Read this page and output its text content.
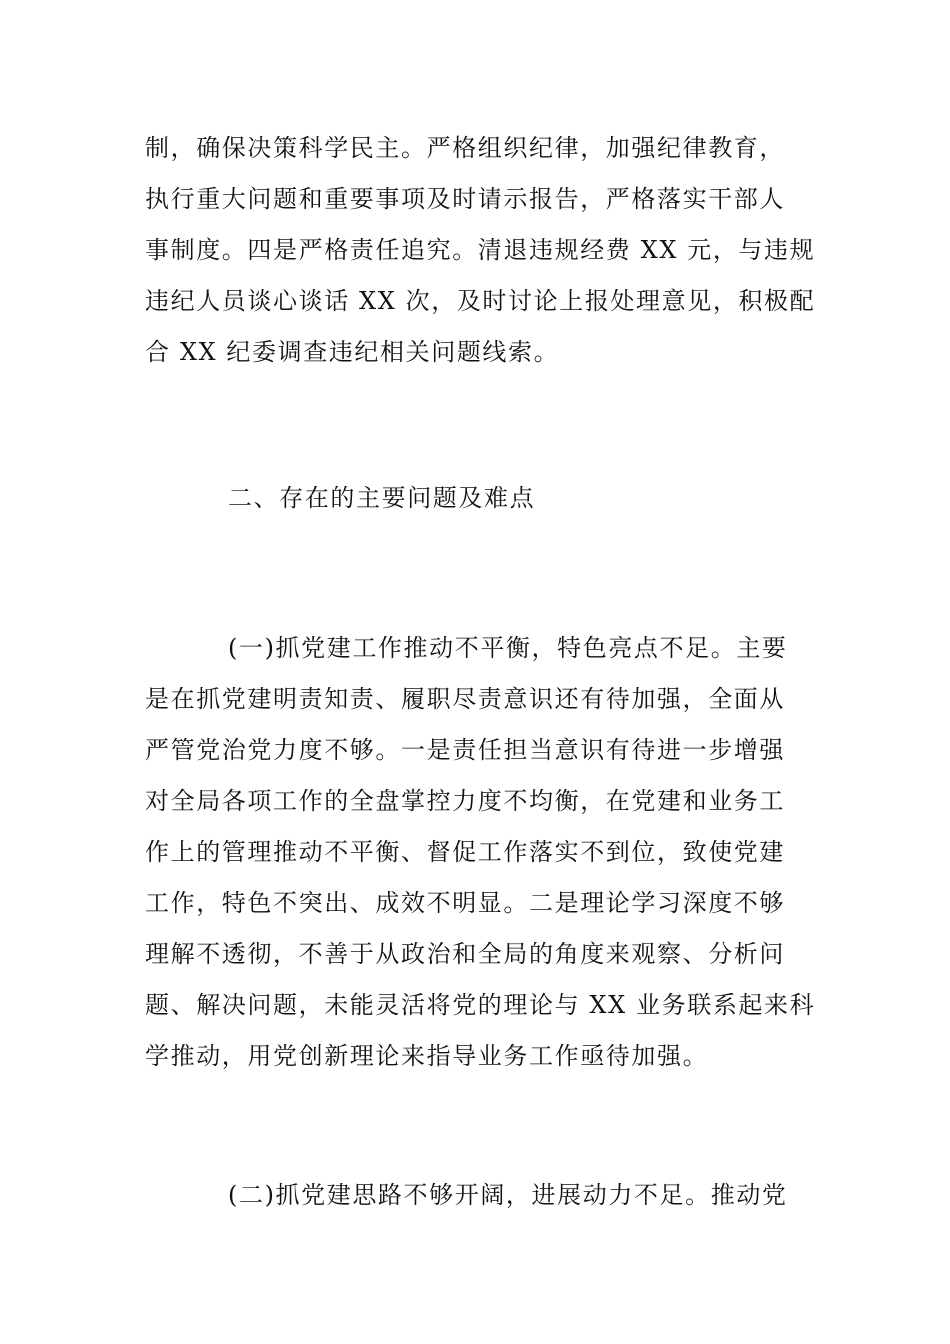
制，确保决策科学民主。严格组织纪律，加强纪律教育，
执行重大问题和重要事项及时请示报告，严格落实干部人
事制度。四是严格责任追究。清退违规经费 XX 元，与违规
违纪人员谈心谈话 XX 次，及时讨论上报处理意见，积极配
合 XX 纪委调查违纪相关问题线索。
二、存在的主要问题及难点
(一)抓党建工作推动不平衡，特色亮点不足。主要
是在抓党建明责知责、履职尽责意识还有待加强，全面从
严管党治党力度不够。一是责任担当意识有待进一步增强
对全局各项工作的全盘掌控力度不均衡，在党建和业务工
作上的管理推动不平衡、督促工作落实不到位，致使党建
工作，特色不突出、成效不明显。二是理论学习深度不够
理解不透彻，不善于从政治和全局的角度来观察、分析问
题、解决问题，未能灵活将党的理论与 XX 业务联系起来科
学推动，用党创新理论来指导业务工作亟待加强。
(二)抓党建思路不够开阔，进展动力不足。推动党
